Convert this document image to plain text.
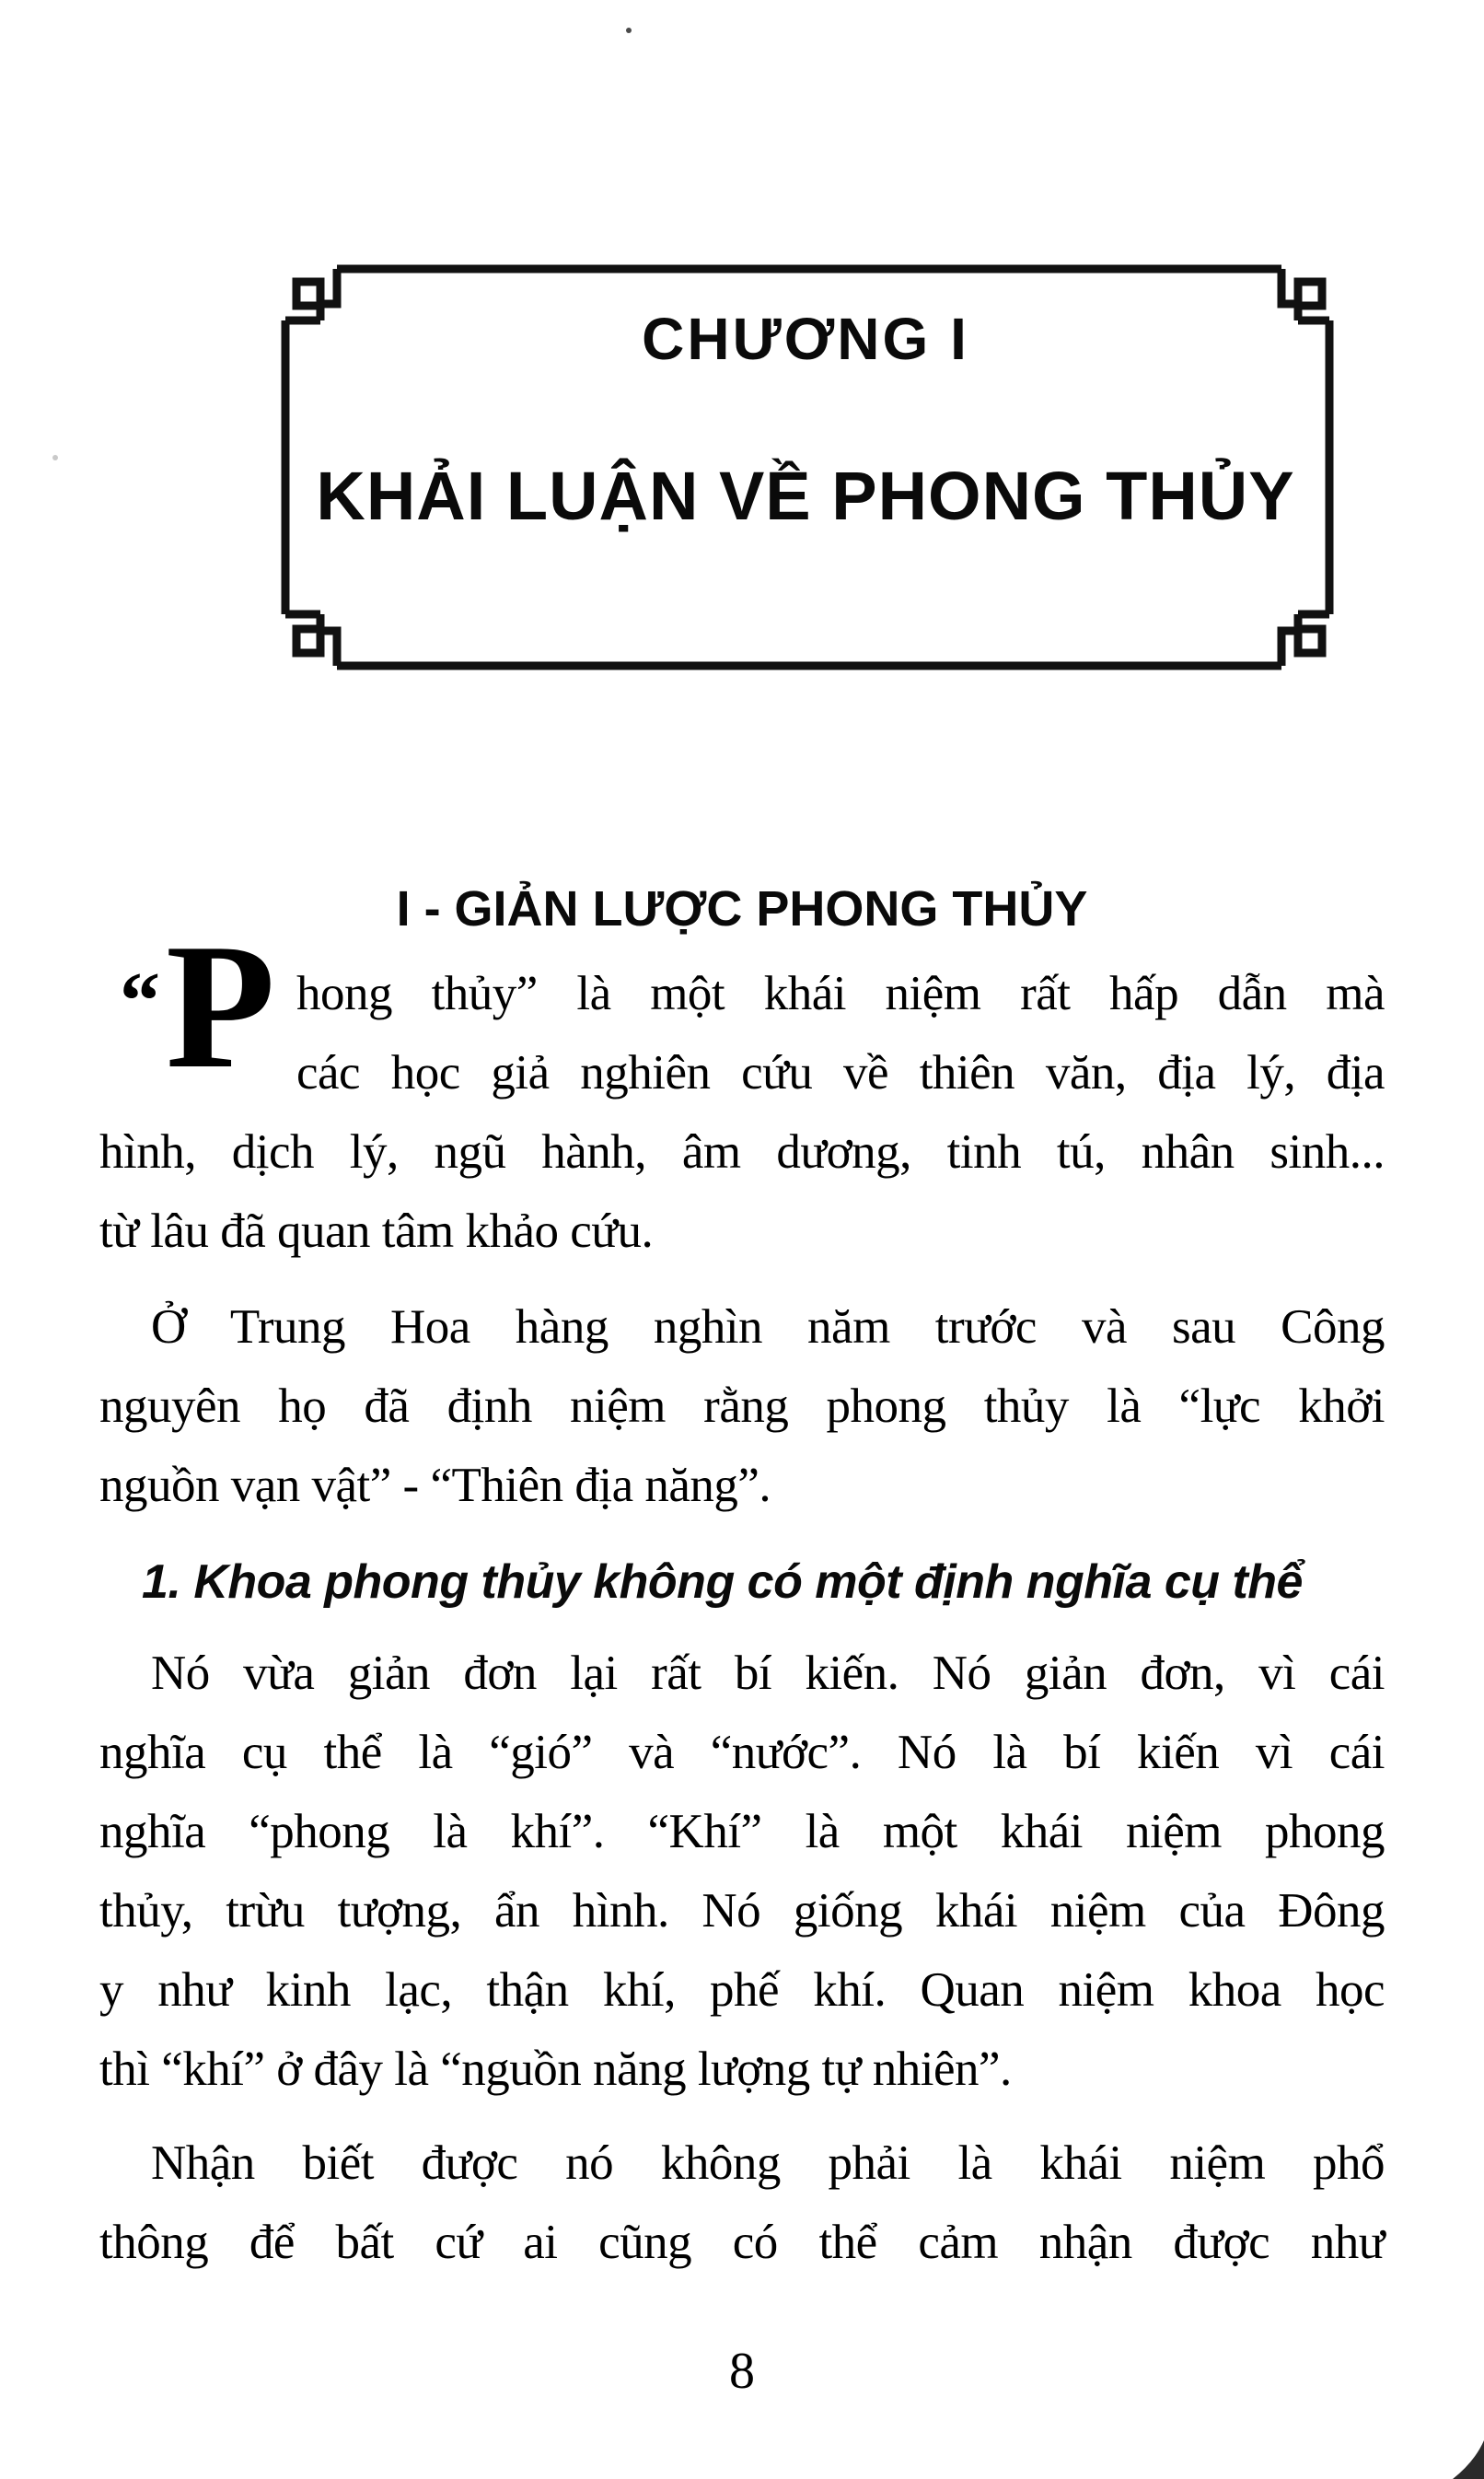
CHƯƠNG I
KHẢI LUẬN VỀ PHONG THỦY
I - GIẢN LƯỢC PHONG THỦY
“ P hong thủy” là một khái niệm rất hấp dẫn mà
các học giả nghiên cứu về thiên văn, địa lý, địa
hình, dịch lý, ngũ hành, âm dương, tinh tú, nhân sinh...
từ lâu đã quan tâm khảo cứu.
Ở Trung Hoa hàng nghìn năm trước và sau Công
nguyên họ đã định niệm rằng phong thủy là “lực khởi
nguồn vạn vật” - “Thiên địa năng”.
1. Khoa phong thủy không có một định nghĩa cụ thể
Nó vừa giản đơn lại rất bí kiến. Nó giản đơn, vì cái
nghĩa cụ thể là “gió” và “nước”. Nó là bí kiến vì cái
nghĩa “phong là khí”. “Khí” là một khái niệm phong
thủy, trừu tượng, ẩn hình. Nó giống khái niệm của Đông
y như kinh lạc, thận khí, phế khí. Quan niệm khoa học
thì “khí” ở đây là “nguồn năng lượng tự nhiên”.
Nhận biết được nó không phải là khái niệm phổ
thông để bất cứ ai cũng có thể cảm nhận được như
8
